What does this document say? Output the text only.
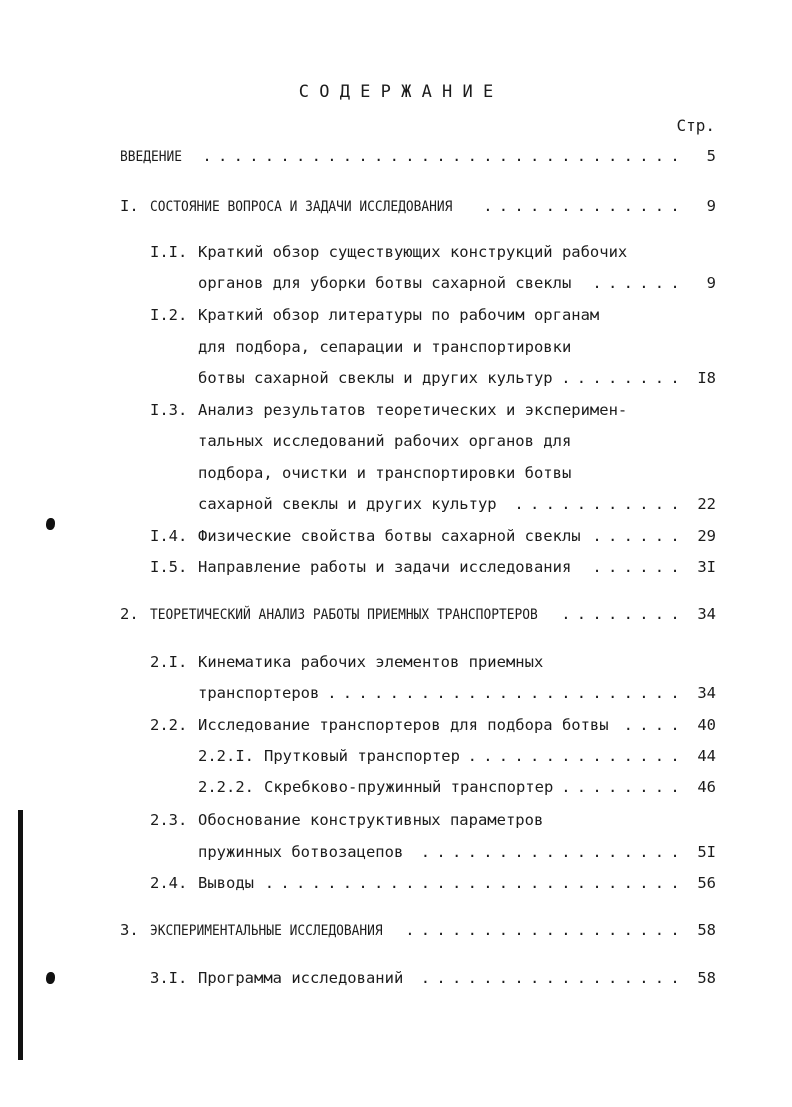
С О Д Е Р Ж А Н И Е
Стр.
ВВЕДЕНИЕ	. . . . . . . . . . . . . . . . . . . . . . . . . . . . . . . 5
I. СОСТОЯНИЕ ВОПРОСА И ЗАДАЧИ ИССЛЕДОВАНИЯ	. . . . . . . . . . . . . 9
I.I. Краткий обзор существующих конструкций рабочих
органов для уборки ботвы сахарной свеклы . . . . . . 9
I.2. Краткий обзор литературы по рабочим органам
для подбора, сепарации и транспортировки
ботвы сахарной свеклы и других культур . . . . . . . . I8
I.3. Анализ результатов теоретических и эксперимен-
тальных исследований рабочих органов для
подбора, очистки и транспортировки ботвы
сахарной свеклы и других культур . . . . . . . . . . . 22
I.4. Физические свойства ботвы сахарной свеклы . . . . . . 29
I.5. Направление работы и задачи исследования . . . . . . 3I
2. ТЕОРЕТИЧЕСКИЙ АНАЛИЗ РАБОТЫ ПРИЕМНЫХ ТРАНСПОРТЕРОВ	. . . . . . . . 34
2.I. Кинематика рабочих элементов приемных
транспортеров . . . . . . . . . . . . . . . . . . . . . . . 34
2.2. Исследование транспортеров для подбора ботвы . . . . 40
2.2.I. Прутковый транспортер . . . . . . . . . . . . . . 44
2.2.2. Скребково-пружинный транспортер . . . . . . . . 46
2.3. Обоснование конструктивных параметров
пружинных ботвозацепов . . . . . . . . . . . . . . . . . 5I
2.4. Выводы . . . . . . . . . . . . . . . . . . . . . . . . . . . 56
3. ЭКСПЕРИМЕНТАЛЬНЫЕ ИССЛЕДОВАНИЯ	. . . . . . . . . . . . . . . . . . 58
3.I. Программа исследований . . . . . . . . . . . . . . . . . 58
